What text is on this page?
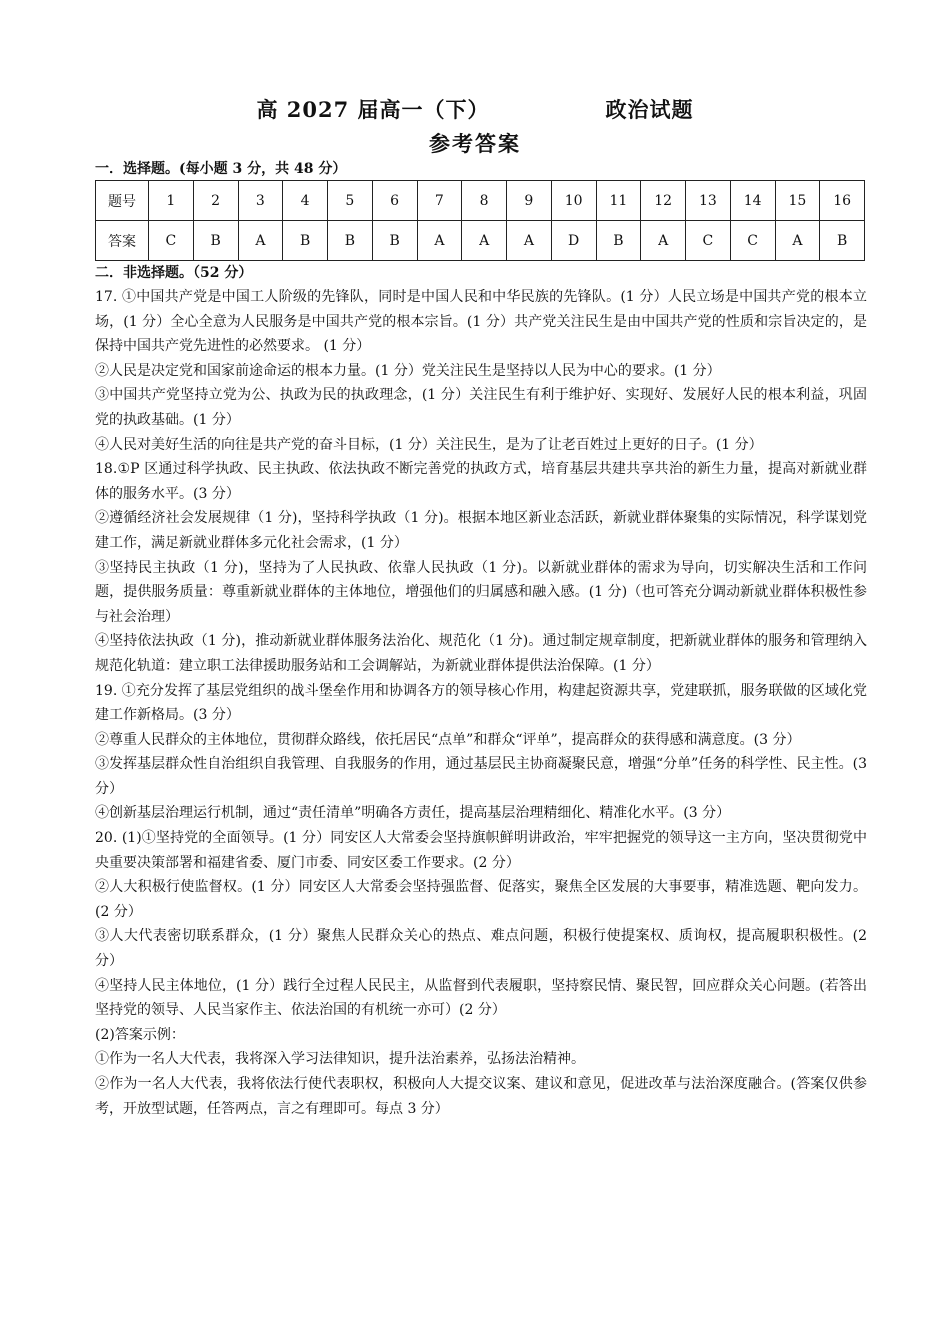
高 2027 届高一（下）	政治试题
参考答案
一．选择题。(每小题 3 分，共 48 分）
题号	1	2	3	4	5	6	7	8	9	10	11	12	13	14	15	16
答案	C	B	A	B	B	B	A	A	A	D	B	A	C	C	A	B
二．非选择题。（52 分）

17. ①中国共产党是中国工人阶级的先锋队，同时是中国人民和中华民族的先锋队。(1 分）人民立场是中国共产党的根本立场，(1 分）全心全意为人民服务是中国共产党的根本宗旨。(1 分）共产党关注民生是由中国共产党的性质和宗旨决定的，是保持中国共产党先进性的必然要求。 (1 分）

②人民是决定党和国家前途命运的根本力量。(1 分）党关注民生是坚持以人民为中心的要求。(1 分）

③中国共产党坚持立党为公、执政为民的执政理念，(1 分）关注民生有利于维护好、实现好、发展好人民的根本利益，巩固党的执政基础。(1 分）

④人民对美好生活的向往是共产党的奋斗目标，(1 分）关注民生，是为了让老百姓过上更好的日子。(1 分）

18.①P 区通过科学执政、民主执政、依法执政不断完善党的执政方式，培育基层共建共享共治的新生力量，提高对新就业群体的服务水平。(3 分）

②遵循经济社会发展规律（1 分)，坚持科学执政（1 分)。根据本地区新业态活跃，新就业群体聚集的实际情况，科学谋划党建工作，满足新就业群体多元化社会需求，(1 分）

③坚持民主执政（1 分)，坚持为了人民执政、依靠人民执政（1 分)。以新就业群体的需求为导向，切实解决生活和工作问题，提供服务质量：尊重新就业群体的主体地位，增强他们的归属感和融入感。(1 分)（也可答充分调动新就业群体积极性参与社会治理）

④坚持依法执政（1 分)，推动新就业群体服务法治化、规范化（1 分)。通过制定规章制度，把新就业群体的服务和管理纳入规范化轨道：建立职工法律援助服务站和工会调解站，为新就业群体提供法治保障。(1 分）

19. ①充分发挥了基层党组织的战斗堡垒作用和协调各方的领导核心作用，构建起资源共享，党建联抓，服务联做的区域化党建工作新格局。(3 分）

②尊重人民群众的主体地位，贯彻群众路线，依托居民“点单”和群众“评单”，提高群众的获得感和满意度。(3 分）

③发挥基层群众性自治组织自我管理、自我服务的作用，通过基层民主协商凝聚民意，增强“分单”任务的科学性、民主性。(3 分）

④创新基层治理运行机制，通过“责任清单”明确各方责任，提高基层治理精细化、精准化水平。(3 分）

20. (1)①坚持党的全面领导。(1 分）同安区人大常委会坚持旗帜鲜明讲政治，牢牢把握党的领导这一主方向，坚决贯彻党中央重要决策部署和福建省委、厦门市委、同安区委工作要求。(2 分）

②人大积极行使监督权。(1 分）同安区人大常委会坚持强监督、促落实，聚焦全区发展的大事要事，精准选题、靶向发力。(2 分）

③人大代表密切联系群众，(1 分）聚焦人民群众关心的热点、难点问题，积极行使提案权、质询权，提高履职积极性。(2 分）

④坚持人民主体地位，(1 分）践行全过程人民民主，从监督到代表履职，坚持察民情、聚民智，回应群众关心问题。(若答出坚持党的领导、人民当家作主、依法治国的有机统一亦可）(2 分）

(2)答案示例：

①作为一名人大代表，我将深入学习法律知识，提升法治素养，弘扬法治精神。

②作为一名人大代表，我将依法行使代表职权，积极向人大提交议案、建议和意见，促进改革与法治深度融合。(答案仅供参考，开放型试题，任答两点，言之有理即可。每点 3 分）
